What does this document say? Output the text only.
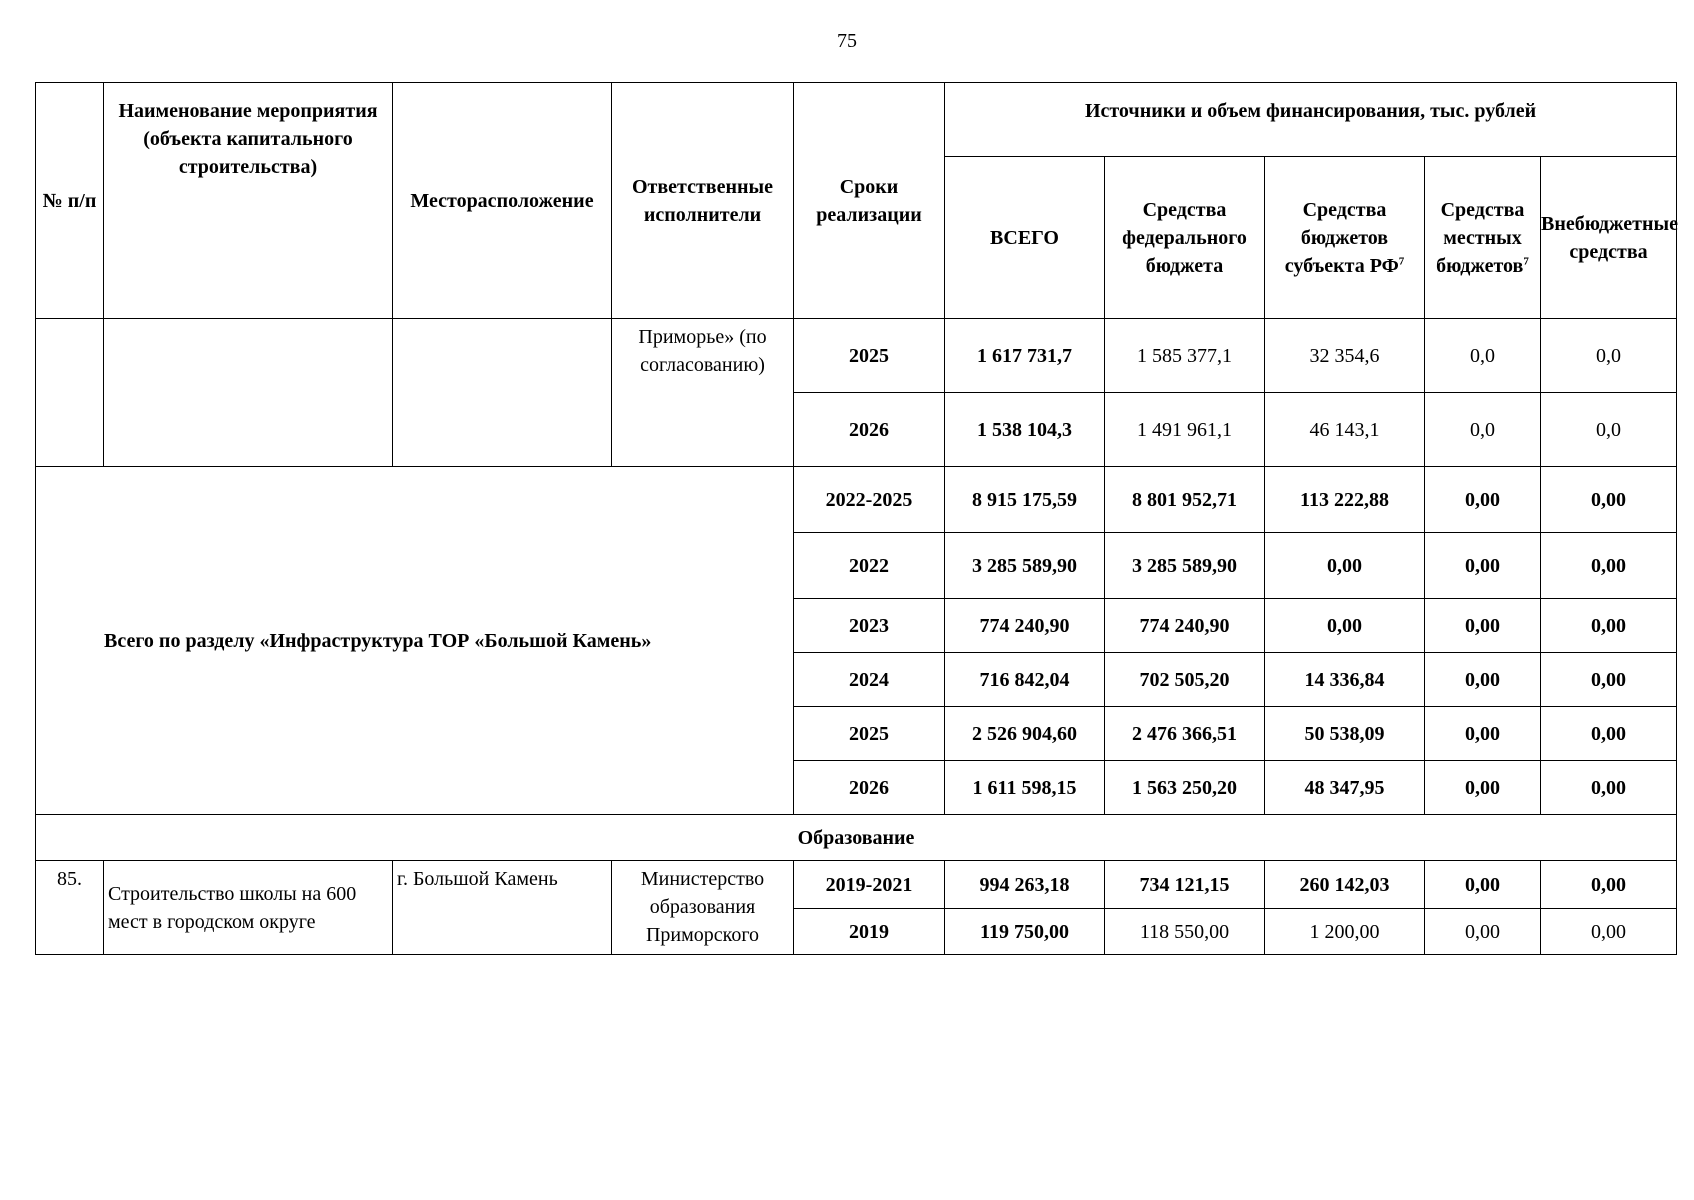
75
№ п/п	Наименование мероприятия (объекта капитального строительства)	Месторасположение	Ответственные исполнители	Сроки реализации	Источники и объем финансирования, тыс. рублей				
					ВСЕГО	Средства федерального бюджета	Средства бюджетов субъекта $РФ^7$	Средства местных бюджетов$^7$	Внебюджетные средства
			Приморье» (по согласованию)	2025	1 617 731,7	1 585 377,1	32 354,6	0,0	0,0
				2026	1 538 104,3	1 491 961,1	46 143,1	0,0	0,0
Всего по разделу «Инфраструктура ТОР «Большой Камень»				2022-2025	8 915 175,59	8 801 952,71	113 222,88	0,00	0,00
				2022	3 285 589,90	3 285 589,90	0,00	0,00	0,00
				2023	774 240,90	774 240,90	0,00	0,00	0,00
				2024	716 842,04	702 505,20	14 336,84	0,00	0,00
				2025	2 526 904,60	2 476 366,51	50 538,09	0,00	0,00
				2026	1 611 598,15	1 563 250,20	48 347,95	0,00	0,00
Образование									
85.	Строительство школы на 600 мест в городском округе	г. Большой Камень	Министерство образования Приморского	2019-2021	994 263,18	734 121,15	260 142,03	0,00	0,00
				2019	119 750,00	118 550,00	1 200,00	0,00	0,00
